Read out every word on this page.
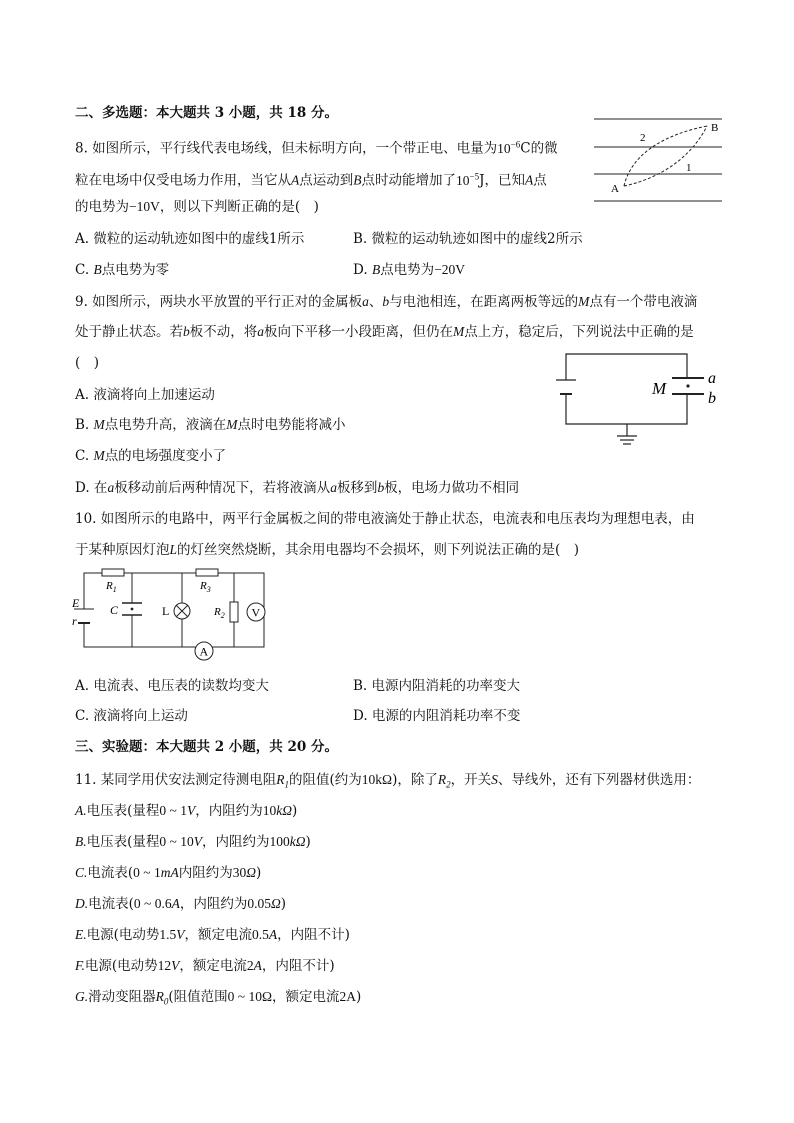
二、多选题：本大题共 3 小题，共 18 分。
8. 如图所示，平行线代表电场线，但未标明方向，一个带正电、电量为$10^{-6}C$的微
粒在电场中仅受电场力作用，当它从A点运动到B点时动能增加了$10^{-5}J$，已知A点
的电势为−10V，则以下判断正确的是(　)
A. 微粒的运动轨迹如图中的虚线1所示	B. 微粒的运动轨迹如图中的虚线2所示
C. B点电势为零	D. B点电势为−20V
A
B
2
1
9. 如图所示，两块水平放置的平行正对的金属板a、b与电池相连，在距离两板等远的M点有一个带电液滴
处于静止状态。若b板不动，将a板向下平移一小段距离，但仍在M点上方，稳定后，下列说法中正确的是
(　)
A. 液滴将向上加速运动
B. M点电势升高，液滴在M点时电势能将减小
C. M点的电场强度变小了
D. 在a板移动前后两种情况下，若将液滴从a板移到b板，电场力做功不相同
M
a
b
10. 如图所示的电路中，两平行金属板之间的带电液滴处于静止状态，电流表和电压表均为理想电表，由
于某种原因灯泡L的灯丝突然烧断，其余用电器均不会损坏，则下列说法正确的是(　)
E
r
$R_1$
C	L
$R_3$
$R_2$ V
A
A. 电流表、电压表的读数均变大	B. 电源内阻消耗的功率变大
C. 液滴将向上运动	D. 电源的内阻消耗功率不变
三、实验题：本大题共 2 小题，共 20 分。
11. 某同学用伏安法测定待测电阻$R_1$的阻值(约为10kΩ)，除了$R_2$，开关S、导线外，还有下列器材供选用：
A.电压表(量程0 ~ 1V，内阻约为10kΩ)
B.电压表(量程0 ~ 10V，内阻约为100kΩ)
C.电流表(0 ~ 1mA内阻约为30Ω)
D.电流表(0 ~ 0.6A，内阻约为0.05Ω)
E.电源(电动势1.5V，额定电流0.5A，内阻不计)
F.电源(电动势12V，额定电流2A，内阻不计)
G.滑动变阻器$R_0$(阻值范围0 ~ 10Ω，额定电流2A)
